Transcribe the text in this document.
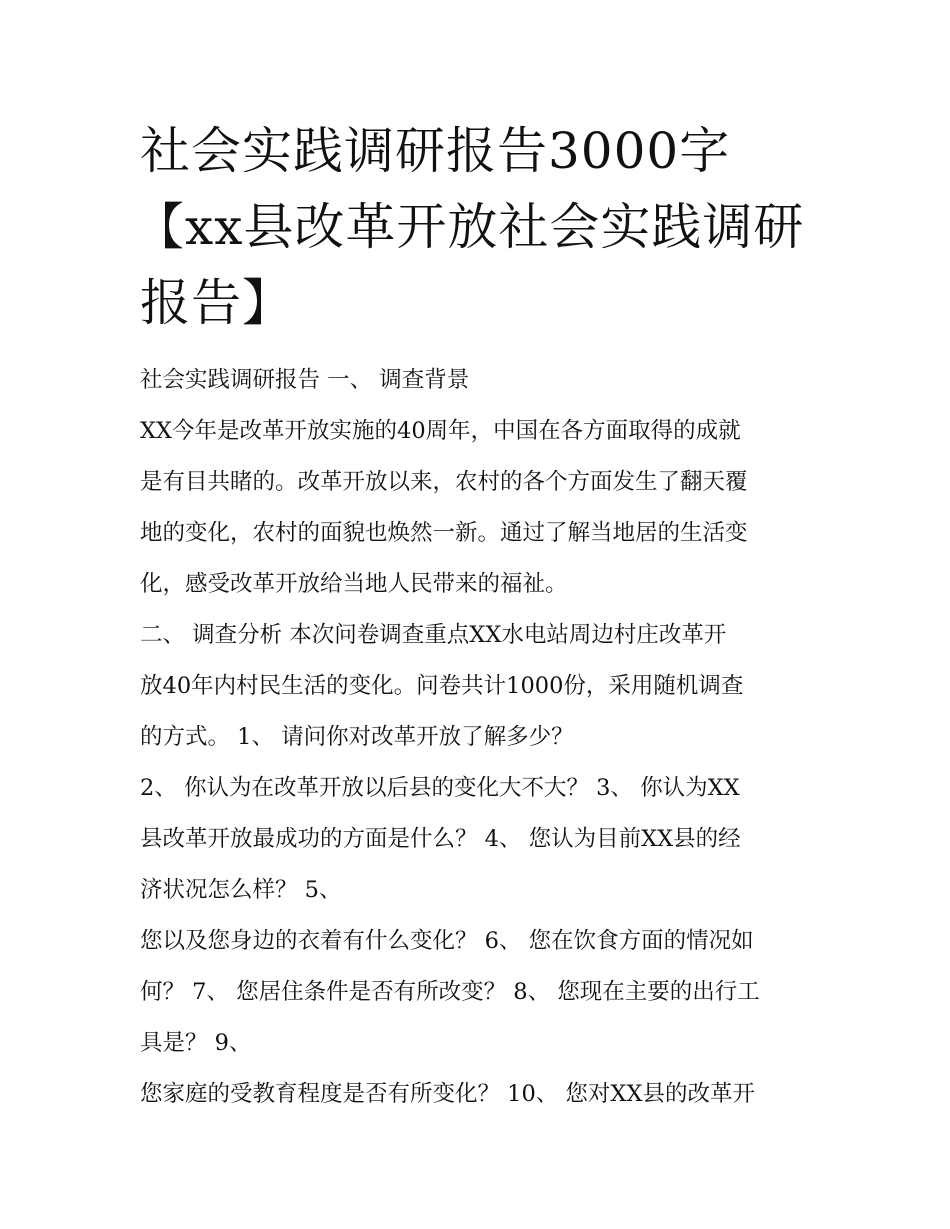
社会实践调研报告3000字
【xx县改革开放社会实践调研
报告】
社会实践调研报告 一、 调查背景
XX今年是改革开放实施的40周年，中国在各方面取得的成就
是有目共睹的。改革开放以来，农村的各个方面发生了翻天覆
地的变化，农村的面貌也焕然一新。通过了解当地居的生活变
化，感受改革开放给当地人民带来的福祉。
二、 调查分析 本次问卷调查重点XX水电站周边村庄改革开
放40年内村民生活的变化。问卷共计1000份，采用随机调查
的方式。 1、 请问你对改革开放了解多少？
2、 你认为在改革开放以后县的变化大不大？ 3、 你认为XX
县改革开放最成功的方面是什么？ 4、 您认为目前XX县的经
济状况怎么样？ 5、
您以及您身边的衣着有什么变化？ 6、 您在饮食方面的情况如
何？ 7、 您居住条件是否有所改变？ 8、 您现在主要的出行工
具是？ 9、
您家庭的受教育程度是否有所变化？ 10、 您对XX县的改革开
